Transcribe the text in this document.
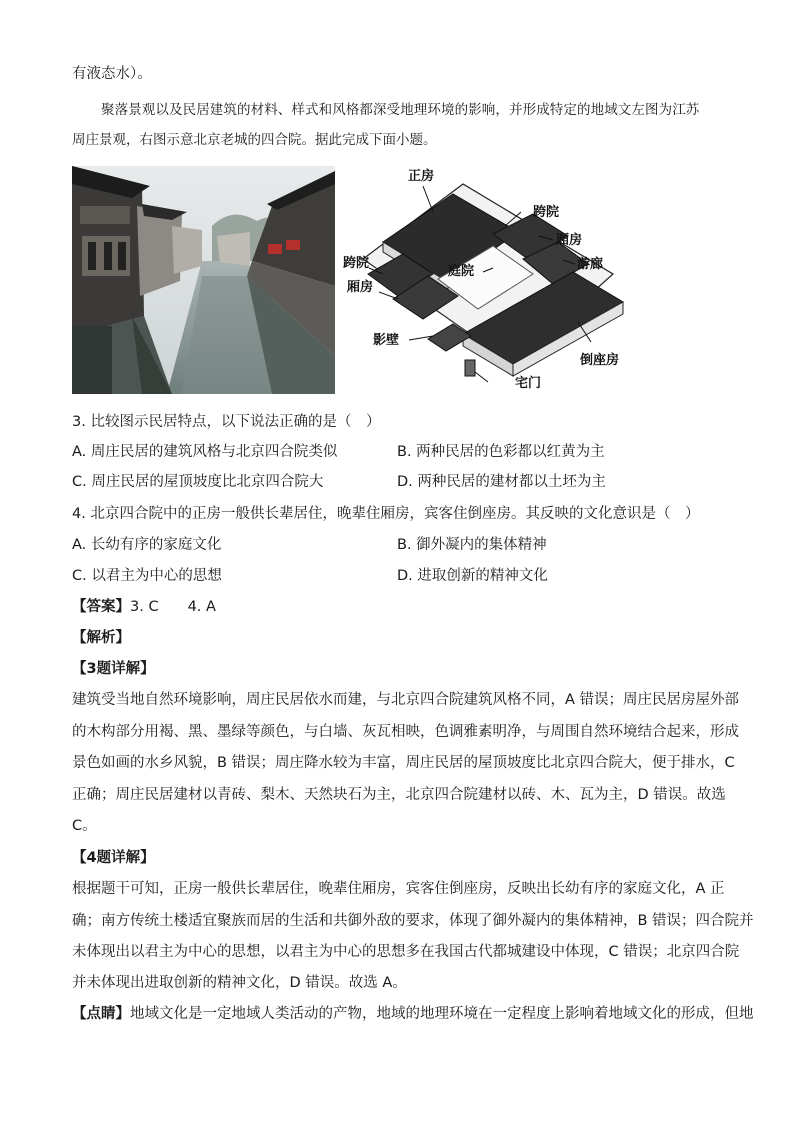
有液态水）。
聚落景观以及民居建筑的材料、样式和风格都深受地理环境的影响，并形成特定的地域文左图为江苏
周庄景观，右图示意北京老城的四合院。据此完成下面小题。
正房
跨院
厢房
游廊
跨院
庭院
厢房
影壁
倒座房
宅门
3. 比较图示民居特点，以下说法正确的是（　）
A. 周庄民居的建筑风格与北京四合院类似	B. 两种民居的色彩都以红黄为主
C. 周庄民居的屋顶坡度比北京四合院大	D. 两种民居的建材都以土坯为主
4. 北京四合院中的正房一般供长辈居住，晚辈住厢房，宾客住倒座房。其反映的文化意识是（　）
A. 长幼有序的家庭文化	B. 御外凝内的集体精神
C. 以君主为中心的思想	D. 进取创新的精神文化
【答案】3. C　　4. A
【解析】
【3题详解】
建筑受当地自然环境影响，周庄民居依水而建，与北京四合院建筑风格不同，A 错误；周庄民居房屋外部
的木构部分用褐、黑、墨绿等颜色，与白墙、灰瓦相映，色调雅素明净，与周围自然环境结合起来，形成
景色如画的水乡风貌，B 错误；周庄降水较为丰富，周庄民居的屋顶坡度比北京四合院大，便于排水，C
正确；周庄民居建材以青砖、梨木、天然块石为主，北京四合院建材以砖、木、瓦为主，D 错误。故选
C。
【4题详解】
根据题干可知，正房一般供长辈居住，晚辈住厢房，宾客住倒座房，反映出长幼有序的家庭文化，A 正
确；南方传统土楼适宜聚族而居的生活和共御外敌的要求，体现了御外凝内的集体精神，B 错误；四合院并
未体现出以君主为中心的思想，以君主为中心的思想多在我国古代都城建设中体现，C 错误；北京四合院
并未体现出进取创新的精神文化，D 错误。故选 A。
【点睛】地域文化是一定地域人类活动的产物，地域的地理环境在一定程度上影响着地域文化的形成，但地
